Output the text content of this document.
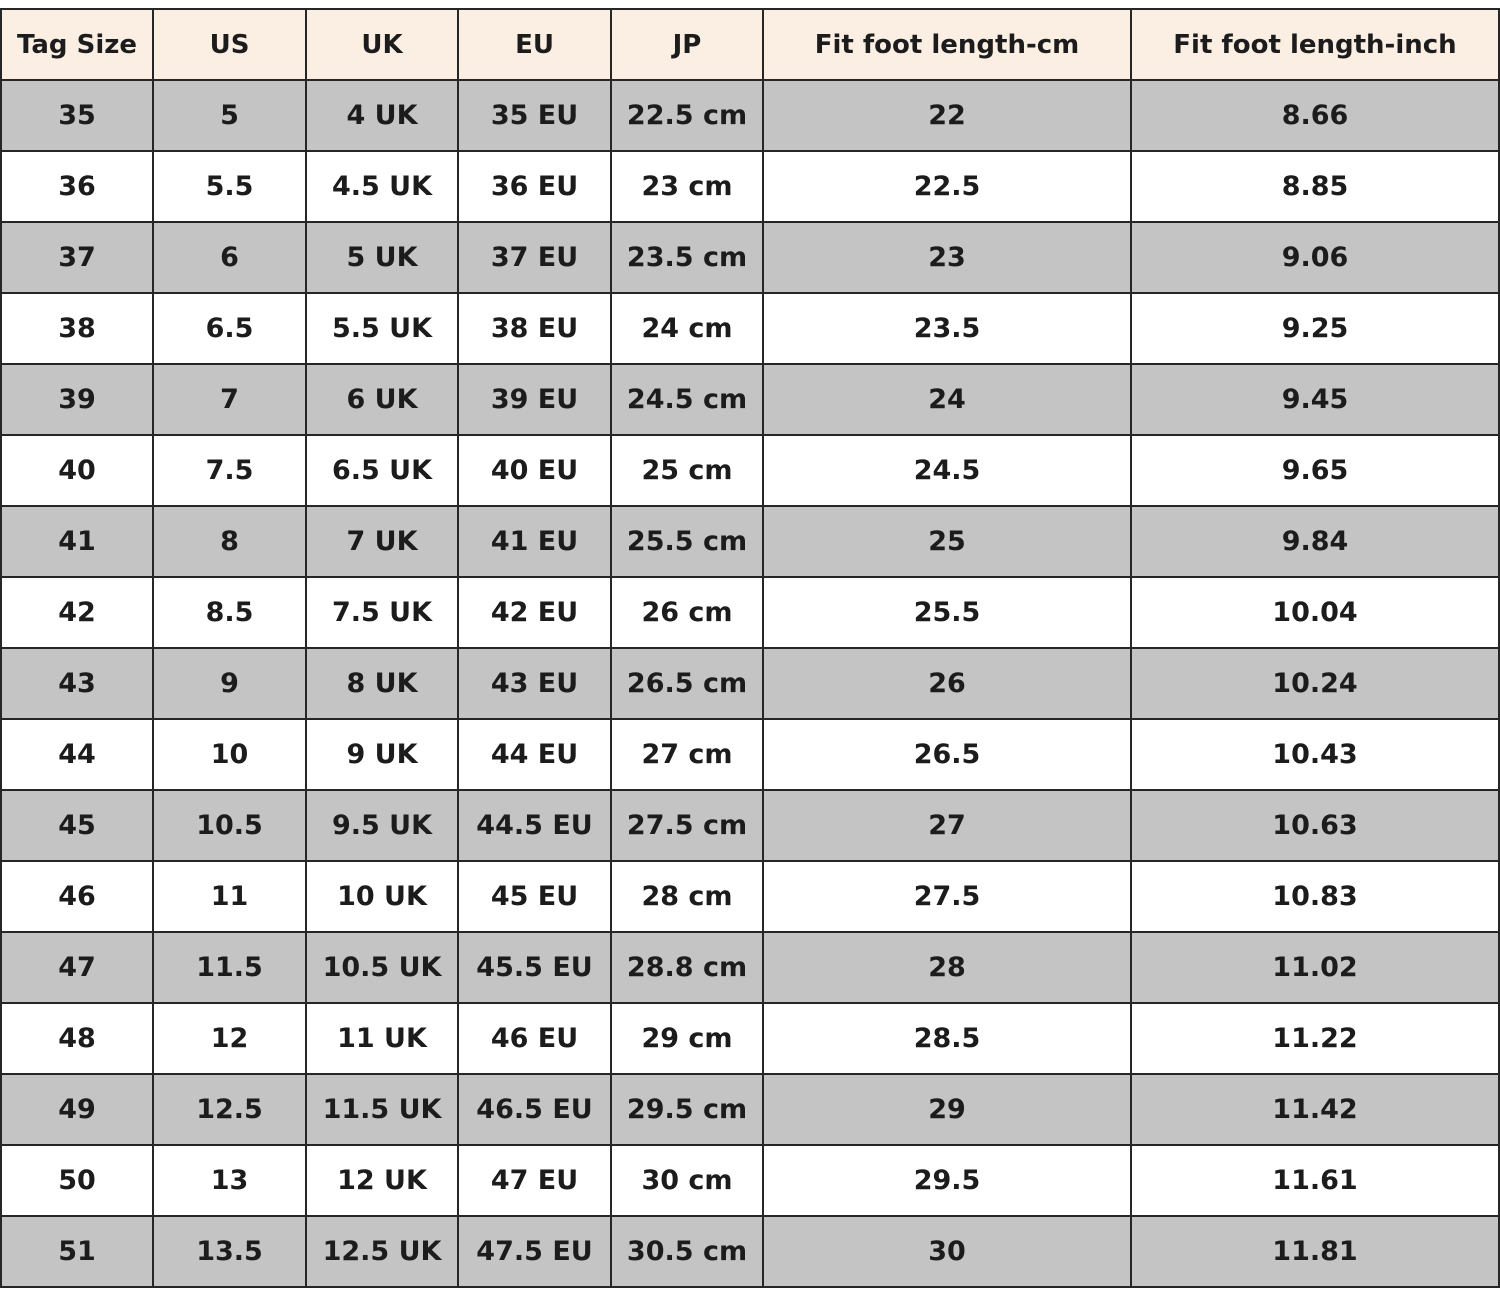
Tag Size	US	UK	EU	JP	Fit foot length-cm	Fit foot length-inch
35	5	4 UK	35 EU	22.5 cm	22	8.66
36	5.5	4.5 UK	36 EU	23 cm	22.5	8.85
37	6	5 UK	37 EU	23.5 cm	23	9.06
38	6.5	5.5 UK	38 EU	24 cm	23.5	9.25
39	7	6 UK	39 EU	24.5 cm	24	9.45
40	7.5	6.5 UK	40 EU	25 cm	24.5	9.65
41	8	7 UK	41 EU	25.5 cm	25	9.84
42	8.5	7.5 UK	42 EU	26 cm	25.5	10.04
43	9	8 UK	43 EU	26.5 cm	26	10.24
44	10	9 UK	44 EU	27 cm	26.5	10.43
45	10.5	9.5 UK	44.5 EU	27.5 cm	27	10.63
46	11	10 UK	45 EU	28 cm	27.5	10.83
47	11.5	10.5 UK	45.5 EU	28.8 cm	28	11.02
48	12	11 UK	46 EU	29 cm	28.5	11.22
49	12.5	11.5 UK	46.5 EU	29.5 cm	29	11.42
50	13	12 UK	47 EU	30 cm	29.5	11.61
51	13.5	12.5 UK	47.5 EU	30.5 cm	30	11.81
